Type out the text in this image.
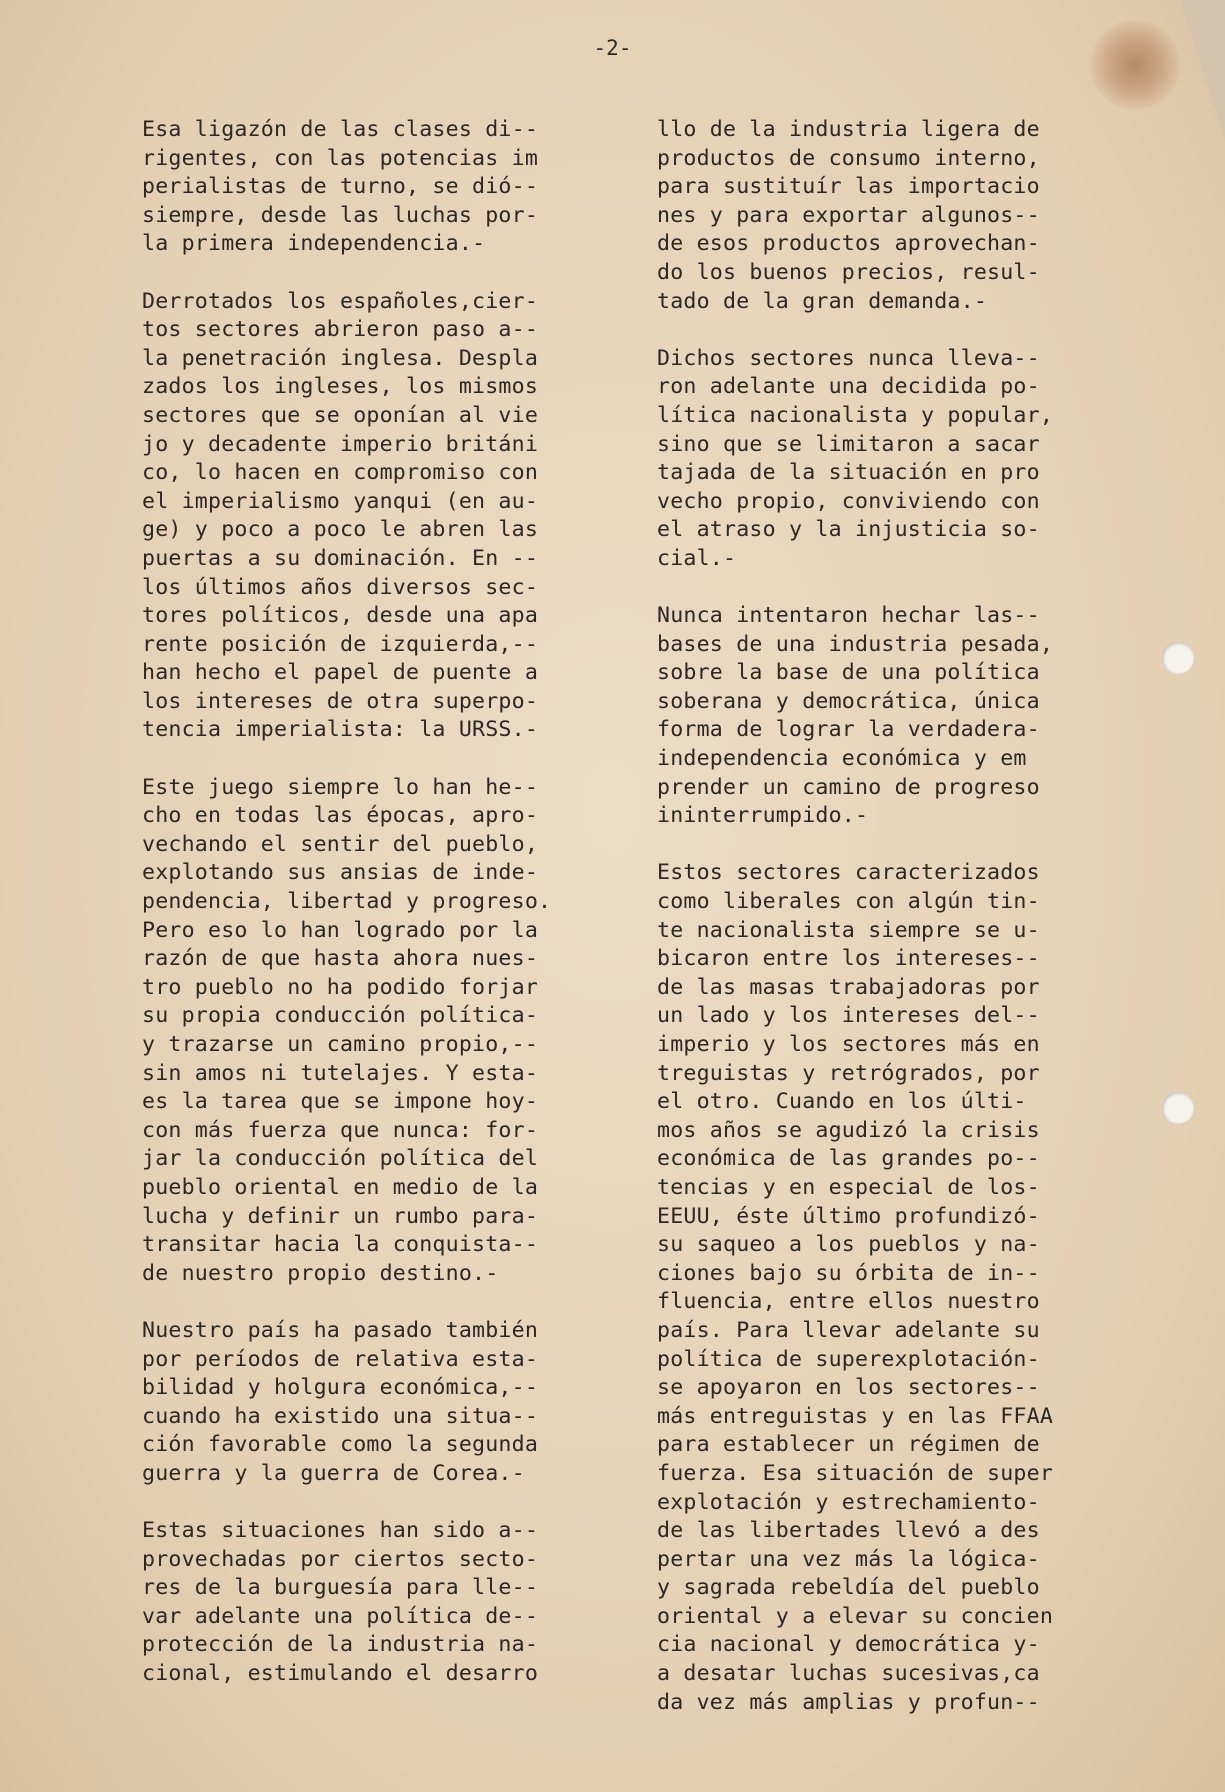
-2-
Esa ligazón de las clases di--
rigentes, con las potencias im
perialistas de turno, se dió--
siempre, desde las luchas por-
la primera independencia.-
Derrotados los españoles,cier-
tos sectores abrieron paso a--
la penetración inglesa. Despla
zados los ingleses, los mismos
sectores que se oponían al vie
jo y decadente imperio británi
co, lo hacen en compromiso con
el imperialismo yanqui (en au-
ge) y poco a poco le abren las
puertas a su dominación. En --
los últimos años diversos sec-
tores políticos, desde una apa
rente posición de izquierda,--
han hecho el papel de puente a
los intereses de otra superpo-
tencia imperialista: la URSS.-
Este juego siempre lo han he--
cho en todas las épocas, apro-
vechando el sentir del pueblo,
explotando sus ansias de inde-
pendencia, libertad y progreso.
Pero eso lo han logrado por la
razón de que hasta ahora nues-
tro pueblo no ha podido forjar
su propia conducción política-
y trazarse un camino propio,--
sin amos ni tutelajes. Y esta-
es la tarea que se impone hoy-
con más fuerza que nunca: for-
jar la conducción política del
pueblo oriental en medio de la
lucha y definir un rumbo para-
transitar hacia la conquista--
de nuestro propio destino.-
Nuestro país ha pasado también
por períodos de relativa esta-
bilidad y holgura económica,--
cuando ha existido una situa--
ción favorable como la segunda
guerra y la guerra de Corea.-
Estas situaciones han sido a--
provechadas por ciertos secto-
res de la burguesía para lle--
var adelante una política de--
protección de la industria na-
cional, estimulando el desarro
llo de la industria ligera de
productos de consumo interno,
para sustituír las importacio
nes y para exportar algunos--
de esos productos aprovechan-
do los buenos precios, resul-
tado de la gran demanda.-
Dichos sectores nunca lleva--
ron adelante una decidida po-
lítica nacionalista y popular,
sino que se limitaron a sacar
tajada de la situación en pro
vecho propio, conviviendo con
el atraso y la injusticia so-
cial.-
Nunca intentaron hechar las--
bases de una industria pesada,
sobre la base de una política
soberana y democrática, única
forma de lograr la verdadera-
independencia económica y em
prender un camino de progreso
ininterrumpido.-
Estos sectores caracterizados
como liberales con algún tin-
te nacionalista siempre se u-
bicaron entre los intereses--
de las masas trabajadoras por
un lado y los intereses del--
imperio y los sectores más en
treguistas y retrógrados, por
el otro. Cuando en los últi-
mos años se agudizó la crisis
económica de las grandes po--
tencias y en especial de los-
EEUU, éste último profundizó-
su saqueo a los pueblos y na-
ciones bajo su órbita de in--
fluencia, entre ellos nuestro
país. Para llevar adelante su
política de superexplotación-
se apoyaron en los sectores--
más entreguistas y en las FFAA
para establecer un régimen de
fuerza. Esa situación de super
explotación y estrechamiento-
de las libertades llevó a des
pertar una vez más la lógica-
y sagrada rebeldía del pueblo
oriental y a elevar su concien
cia nacional y democrática y-
a desatar luchas sucesivas,ca
da vez más amplias y profun--
